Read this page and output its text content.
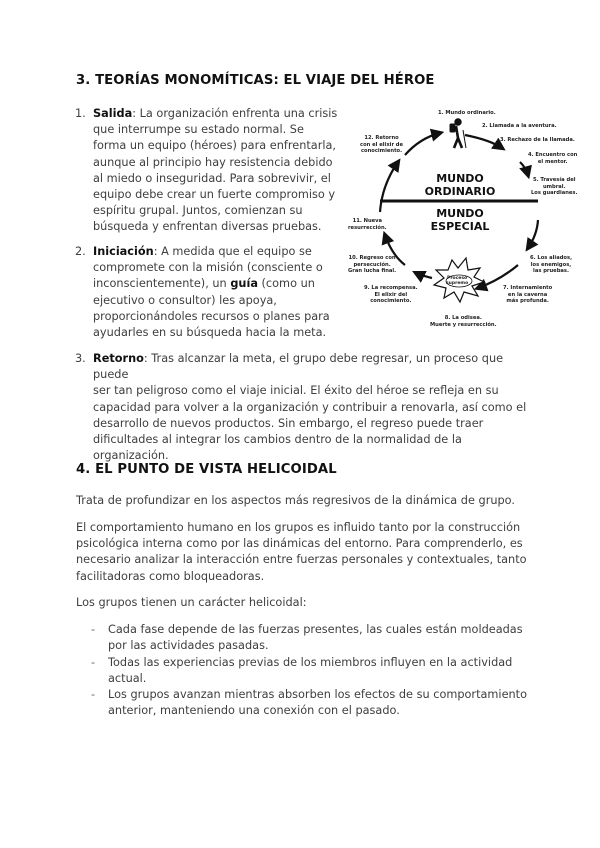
3. TEORÍAS MONOMÍTICAS: EL VIAJE DEL HÉROE
1. Salida: La organización enfrenta una crisis
que interrumpe su estado normal. Se
forma un equipo (héroes) para enfrentarla,
aunque al principio hay resistencia debido
al miedo o inseguridad. Para sobrevivir, el
equipo debe crear un fuerte compromiso y
espíritu grupal. Juntos, comienzan su
búsqueda y enfrentan diversas pruebas.

2. Iniciación: A medida que el equipo se
compromete con la misión (consciente o
inconscientemente), un guía (como un
ejecutivo o consultor) les apoya,
proporcionándoles recursos o planes para
ayudarles en su búsqueda hacia la meta.

3. Retorno: Tras alcanzar la meta, el grupo debe regresar, un proceso que puede
ser tan peligroso como el viaje inicial. El éxito del héroe se refleja en su
capacidad para volver a la organización y contribuir a renovarla, así como el
desarrollo de nuevos productos. Sin embargo, el regreso puede traer
dificultades al integrar los cambios dentro de la normalidad de la
organización.

MUNDO
ORDINARIO
MUNDO
ESPECIAL
Proceso
supremo
1. Mundo ordinario.
2. Llamada a la aventura.
3. Rechazo de la llamada.
4. Encuentro con
el mentor.
5. Travesía del
umbral.
Los guardianes.
6. Los aliados,
los enemigos,
las pruebas.
7. Internamiento
en la caverna
más profunda.
8. La odisea.
Muerte y resurrección.
9. La recompensa.
El elixir del
conocimiento.
10. Regreso con
persecución.
Gran lucha final.
11. Nueva
resurrección.
12. Retorno
con el elixir de
conocimiento.
4. EL PUNTO DE VISTA HELICOIDAL

Trata de profundizar en los aspectos más regresivos de la dinámica de grupo.

El comportamiento humano en los grupos es influido tanto por la construcción
psicológica interna como por las dinámicas del entorno. Para comprenderlo, es
necesario analizar la interacción entre fuerzas personales y contextuales, tanto
facilitadoras como bloqueadoras.

Los grupos tienen un carácter helicoidal:

- Cada fase depende de las fuerzas presentes, las cuales están moldeadas
por las actividades pasadas.

- Todas las experiencias previas de los miembros influyen en la actividad
actual.

- Los grupos avanzan mientras absorben los efectos de su comportamiento
anterior, manteniendo una conexión con el pasado.
